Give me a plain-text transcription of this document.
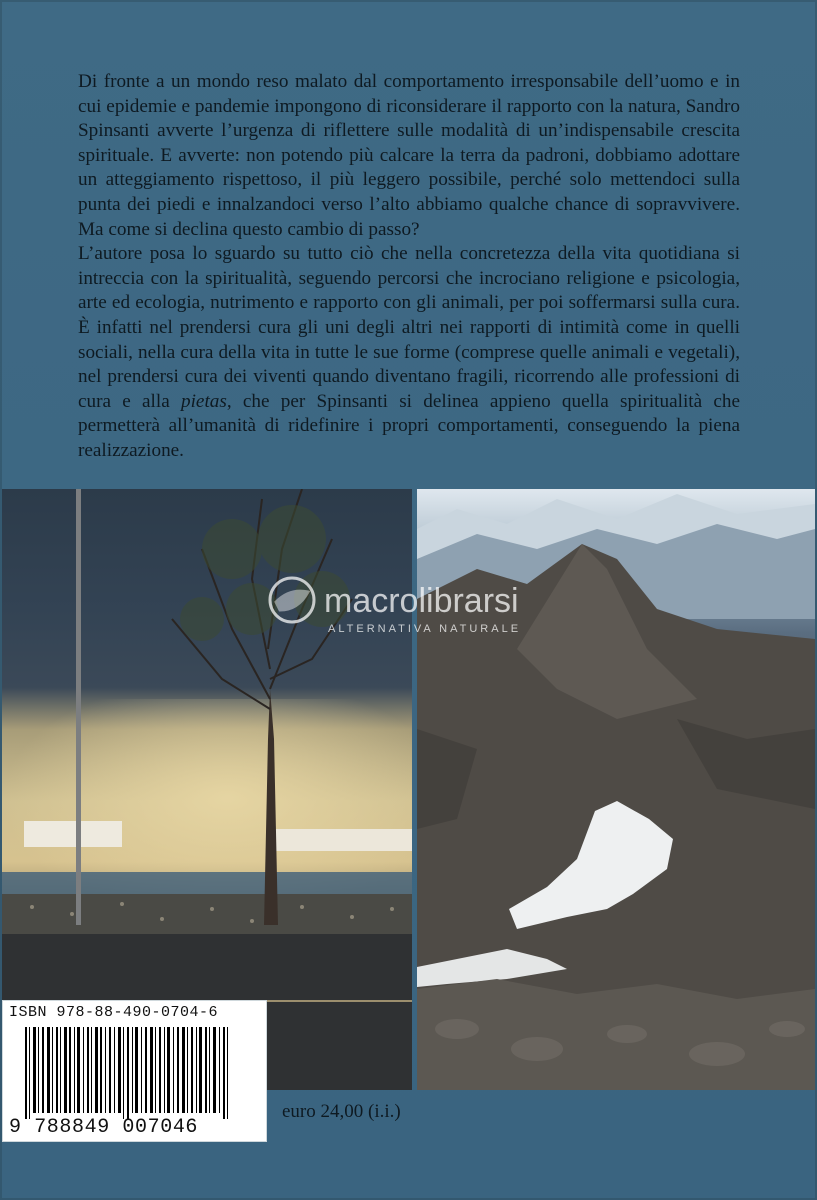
Di fronte a un mondo reso malato dal comportamento irresponsabile dell’uomo e in cui epidemie e pandemie impongono di riconsiderare il rapporto con la natura, Sandro Spinsanti avverte l’urgenza di riflettere sulle modalità di un’indispensabile crescita spirituale. E avverte: non potendo più calcare la terra da padroni, dobbiamo adottare un atteggiamento rispettoso, il più leggero possibile, perché solo mettendoci sulla punta dei piedi e innalzandoci verso l’alto abbiamo qualche chance di sopravvivere. Ma come si declina questo cambio di passo?

L’autore posa lo sguardo su tutto ciò che nella concretezza della vita quotidiana si intreccia con la spiritualità, seguendo percorsi che incrociano religione e psicologia, arte ed ecologia, nutrimento e rapporto con gli animali, per poi soffermarsi sulla cura. È infatti nel prendersi cura gli uni degli altri nei rapporti di intimità come in quelli sociali, nella cura della vita in tutte le sue forme (comprese quelle animali e vegetali), nel prendersi cura dei viventi quando diventano fragili, ricorrendo alle professioni di cura e alla pietas, che per Spinsanti si delinea appieno quella spiritualità che permetterà all’umanità di ridefinire i propri comportamenti, conseguendo la piena realizzazione.

macrolibrarsi
ALTERNATIVA NATURALE
ISBN 978-88-490-0704-6
9 788849 007046
euro 24,00 (i.i.)
